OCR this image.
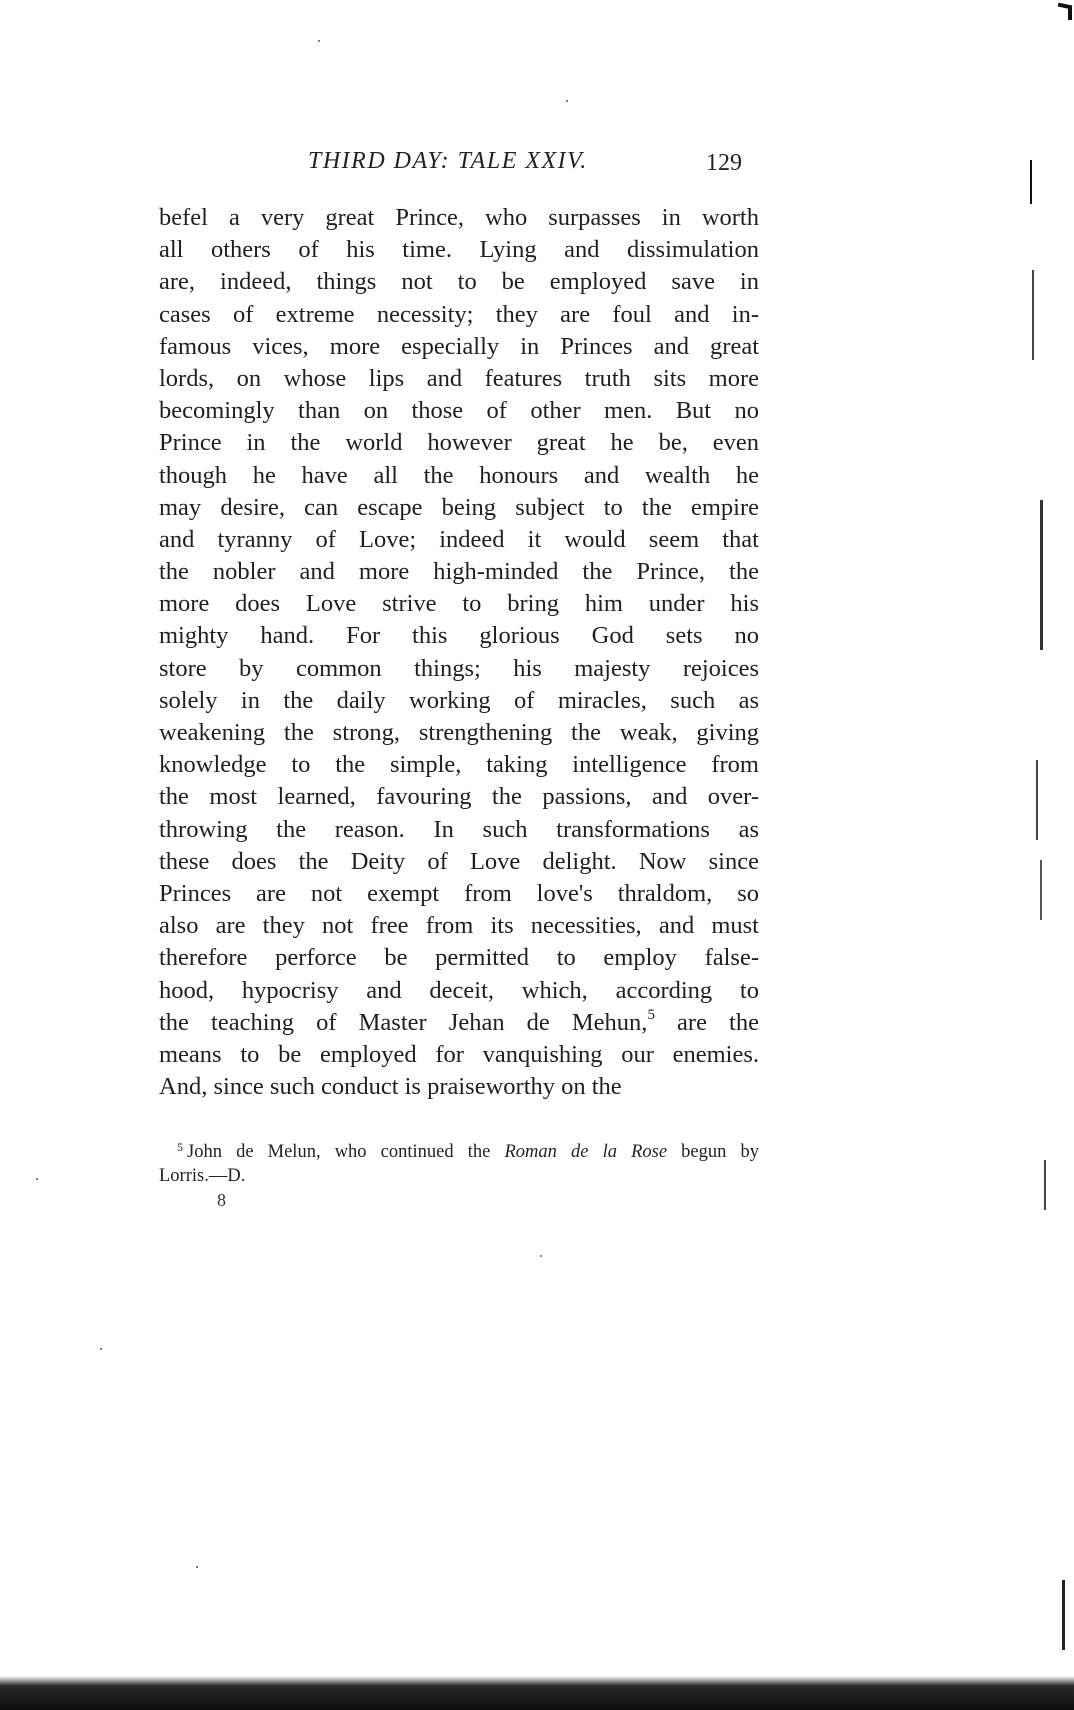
THIRD DAY: TALE XXIV.	129
befel a very great Prince, who surpasses in worth
all others of his time. Lying and dissimulation
are, indeed, things not to be employed save in
cases of extreme necessity; they are foul and in-
famous vices, more especially in Princes and great
lords, on whose lips and features truth sits more
becomingly than on those of other men. But no
Prince in the world however great he be, even
though he have all the honours and wealth he
may desire, can escape being subject to the empire
and tyranny of Love; indeed it would seem that
the nobler and more high-minded the Prince, the
more does Love strive to bring him under his
mighty hand. For this glorious God sets no
store by common things; his majesty rejoices
solely in the daily working of miracles, such as
weakening the strong, strengthening the weak, giving
knowledge to the simple, taking intelligence from
the most learned, favouring the passions, and over-
throwing the reason. In such transformations as
these does the Deity of Love delight. Now since
Princes are not exempt from love's thraldom, so
also are they not free from its necessities, and must
therefore perforce be permitted to employ false-
hood, hypocrisy and deceit, which, according to
the teaching of Master Jehan de Mehun,$^5$ are the
means to be employed for vanquishing our enemies.
And, since such conduct is praiseworthy on the
$^5$ John de Melun, who continued the Roman de la Rose begun by
Lorris.—D.
8
